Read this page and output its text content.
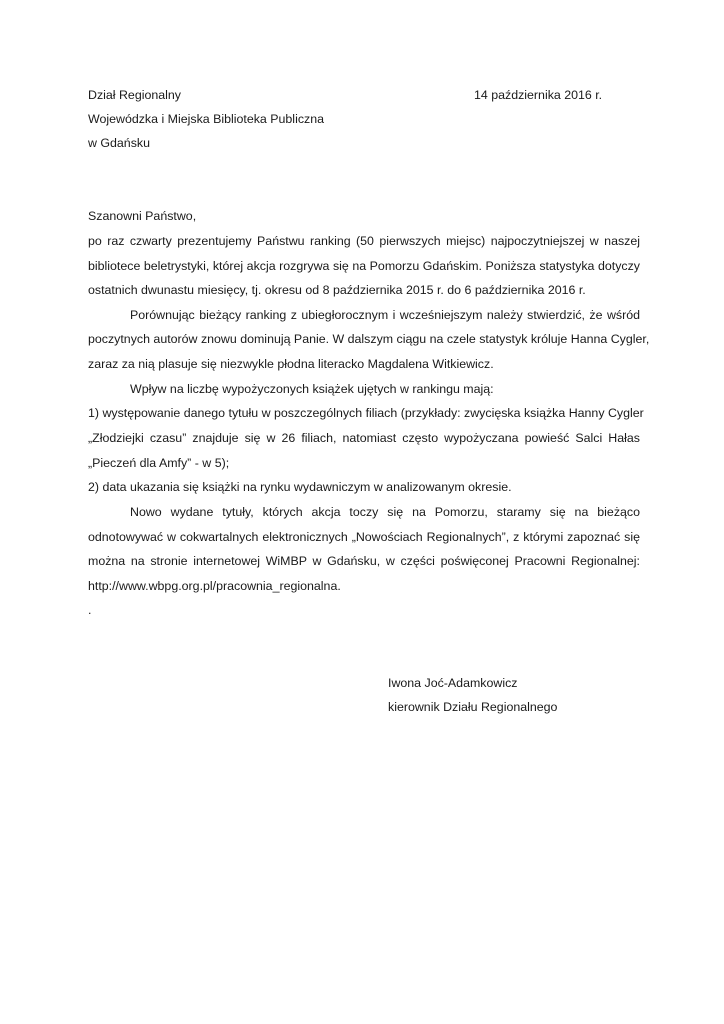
Dział Regionalny	14 października 2016 r.
Wojewódzka i Miejska Biblioteka Publiczna
w Gdańsku
Szanowni Państwo,
po raz czwarty prezentujemy Państwu ranking (50 pierwszych miejsc) najpoczytniejszej w naszej
bibliotece beletrystyki, której akcja rozgrywa się na Pomorzu Gdańskim. Poniższa statystyka dotyczy
ostatnich dwunastu miesięcy, tj. okresu od 8 października 2015 r. do 6 października 2016 r.
Porównując bieżący ranking z ubiegłorocznym i wcześniejszym należy stwierdzić, że wśród
poczytnych autorów znowu dominują Panie. W dalszym ciągu na czele statystyk króluje Hanna Cygler,
zaraz za nią plasuje się niezwykle płodna literacko Magdalena Witkiewicz.
Wpływ na liczbę wypożyczonych książek ujętych w rankingu mają:
1) występowanie danego tytułu w poszczególnych filiach (przykłady: zwycięska książka Hanny Cygler
„Złodziejki czasu” znajduje się w 26 filiach, natomiast często wypożyczana powieść Salci Hałas
„Pieczeń dla Amfy” - w 5);
2) data ukazania się książki na rynku wydawniczym w analizowanym okresie.
Nowo wydane tytuły, których akcja toczy się na Pomorzu, staramy się na bieżąco
odnotowywać w cokwartalnych elektronicznych „Nowościach Regionalnych”, z którymi zapoznać się
można na stronie internetowej WiMBP w Gdańsku, w części poświęconej Pracowni Regionalnej:
http://www.wbpg.org.pl/pracownia_regionalna.
.
Iwona Joć-Adamkowicz
kierownik Działu Regionalnego
